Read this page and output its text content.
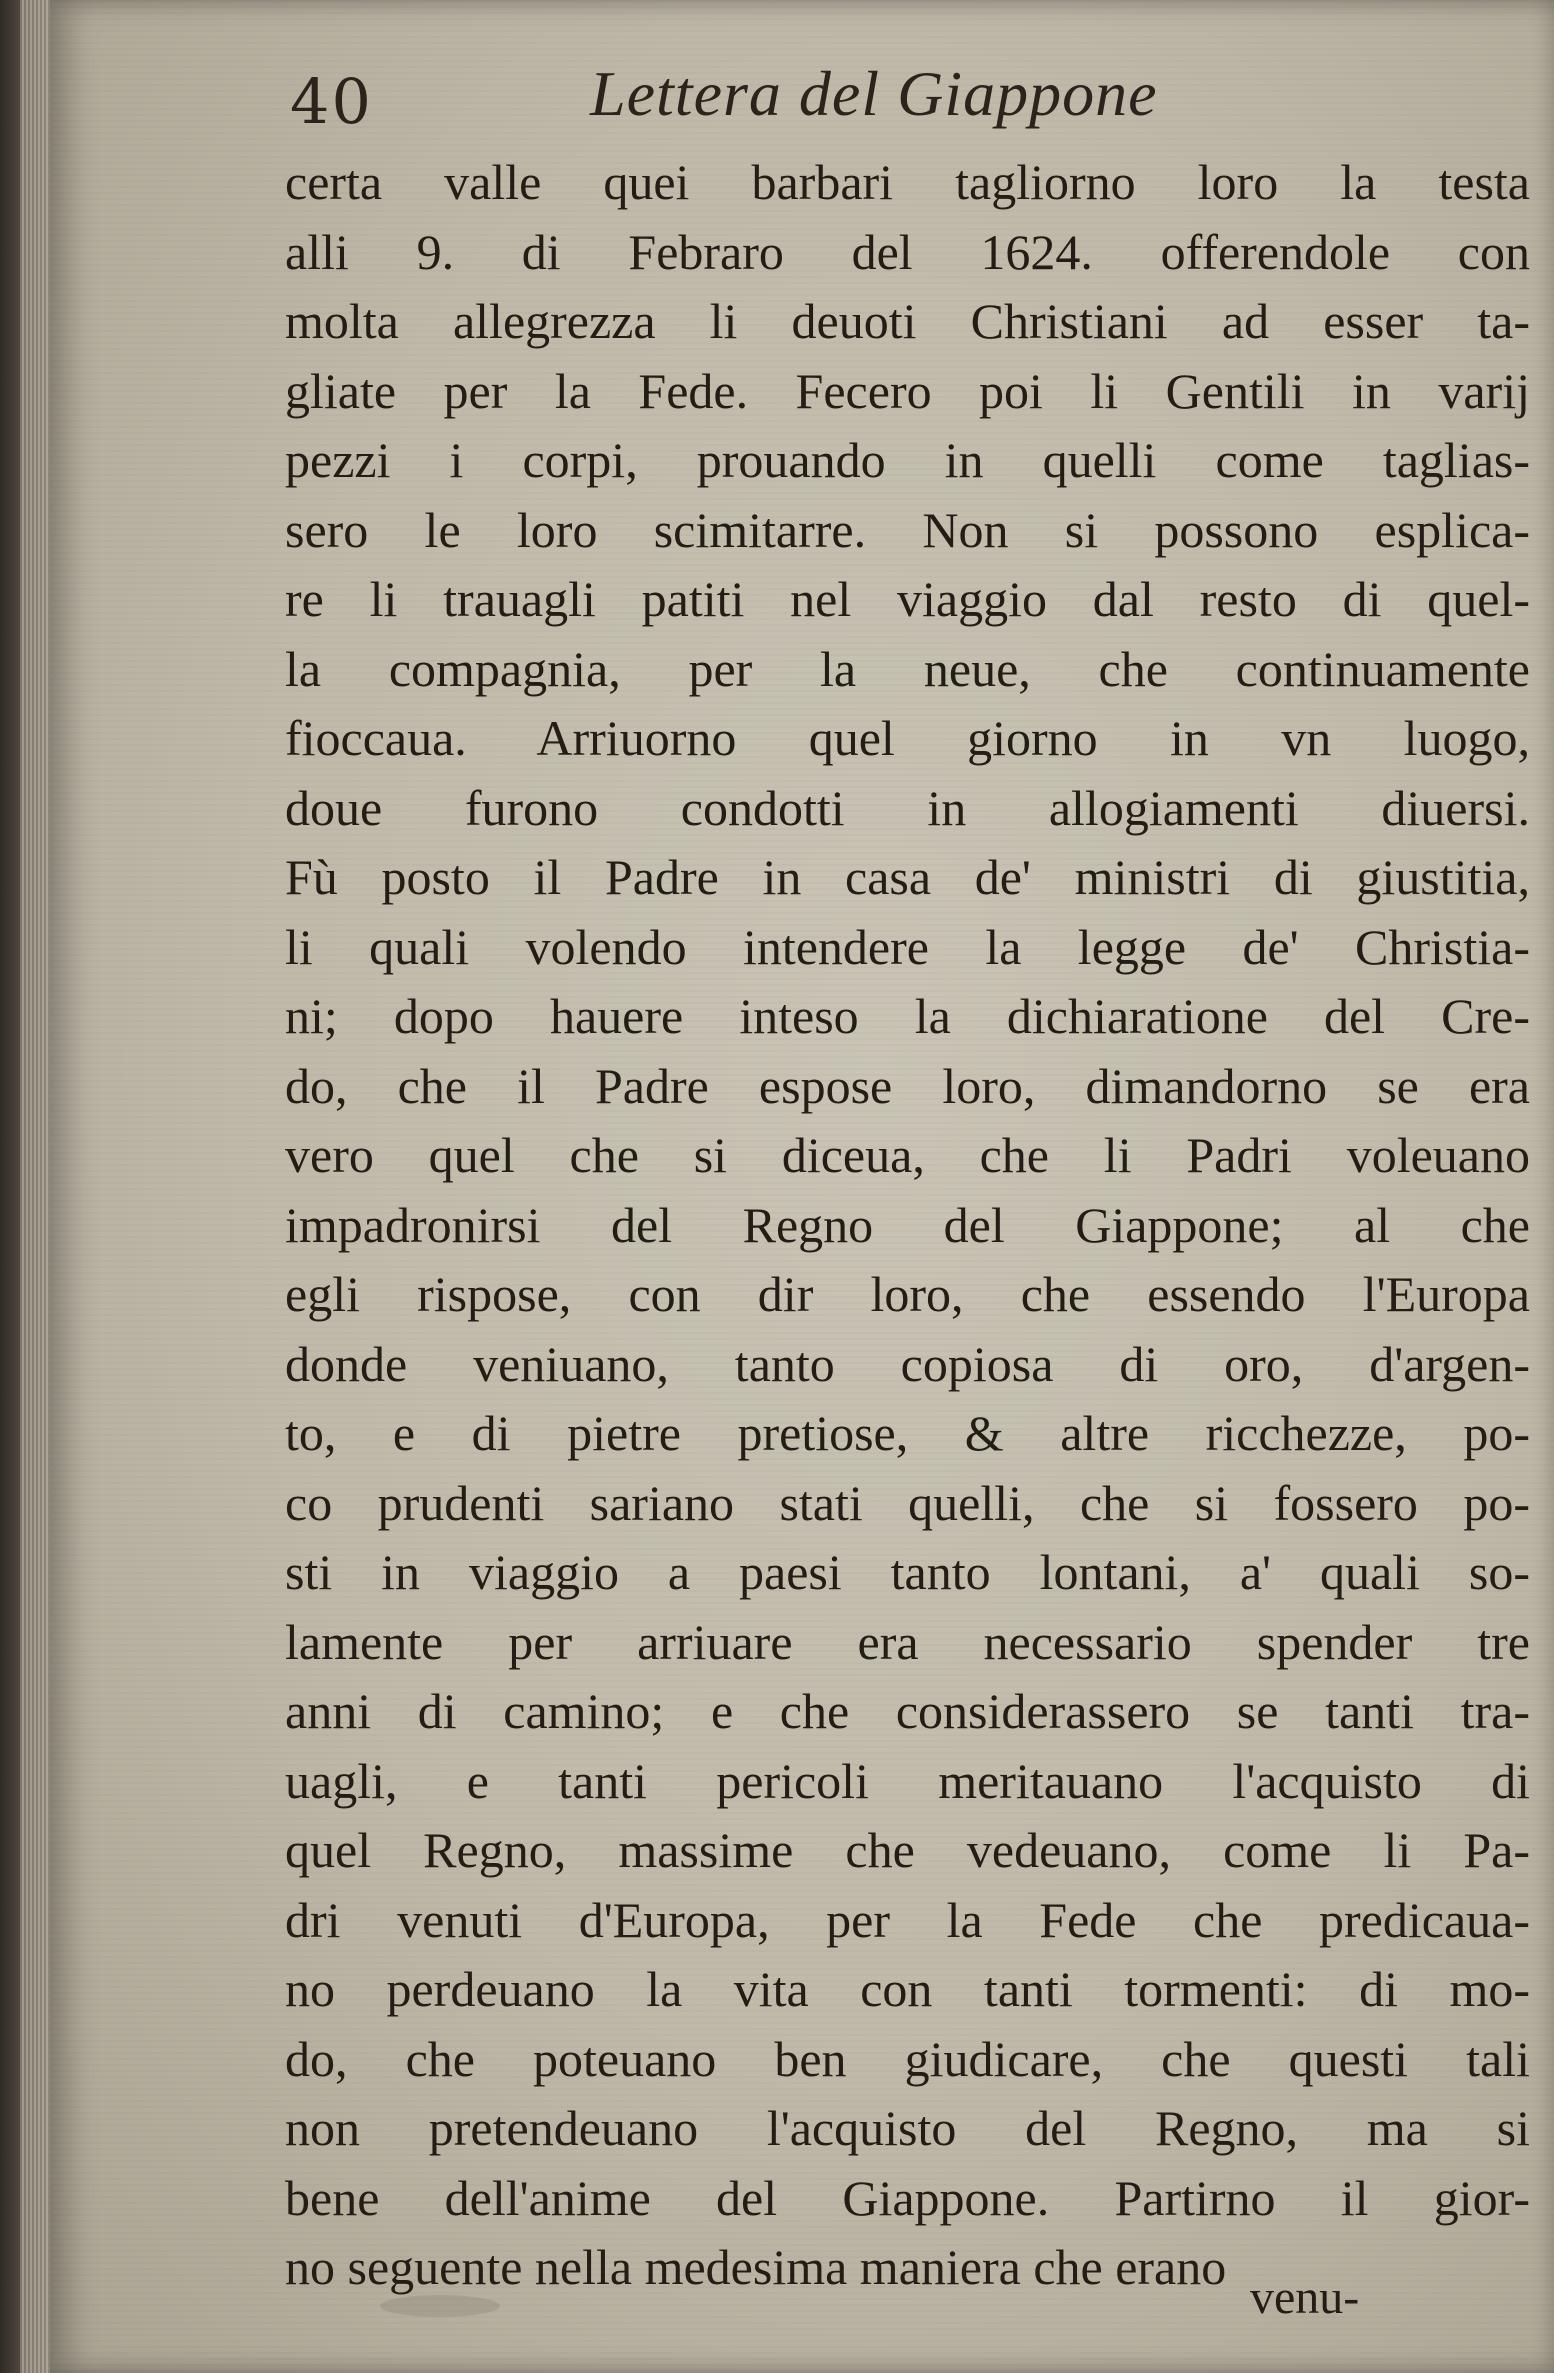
40	Lettera del Giappone
certa valle quei barbari tagliorno loro la testa
alli 9. di Febraro del 1624. offerendole con
molta allegrezza li deuoti Christiani ad esser ta-
gliate per la Fede. Fecero poi li Gentili in varij
pezzi i corpi, prouando in quelli come taglias-
sero le loro scimitarre. Non si possono esplica-
re li trauagli patiti nel viaggio dal resto di quel-
la compagnia, per la neue, che continuamente
fioccaua. Arriuorno quel giorno in vn luogo,
doue furono condotti in allogiamenti diuersi.
Fù posto il Padre in casa de' ministri di giustitia,
li quali volendo intendere la legge de' Christia-
ni; dopo hauere inteso la dichiaratione del Cre-
do, che il Padre espose loro, dimandorno se era
vero quel che si diceua, che li Padri voleuano
impadronirsi del Regno del Giappone; al che
egli rispose, con dir loro, che essendo l'Europa
donde veniuano, tanto copiosa di oro, d'argen-
to, e di pietre pretiose, & altre ricchezze, po-
co prudenti sariano stati quelli, che si fossero po-
sti in viaggio a paesi tanto lontani, a' quali so-
lamente per arriuare era necessario spender tre
anni di camino; e che considerassero se tanti tra-
uagli, e tanti pericoli meritauano l'acquisto di
quel Regno, massime che vedeuano, come li Pa-
dri venuti d'Europa, per la Fede che predicaua-
no perdeuano la vita con tanti tormenti: di mo-
do, che poteuano ben giudicare, che questi tali
non pretendeuano l'acquisto del Regno, ma si
bene dell'anime del Giappone. Partirno il gior-
no seguente nella medesima maniera che erano
venu-
